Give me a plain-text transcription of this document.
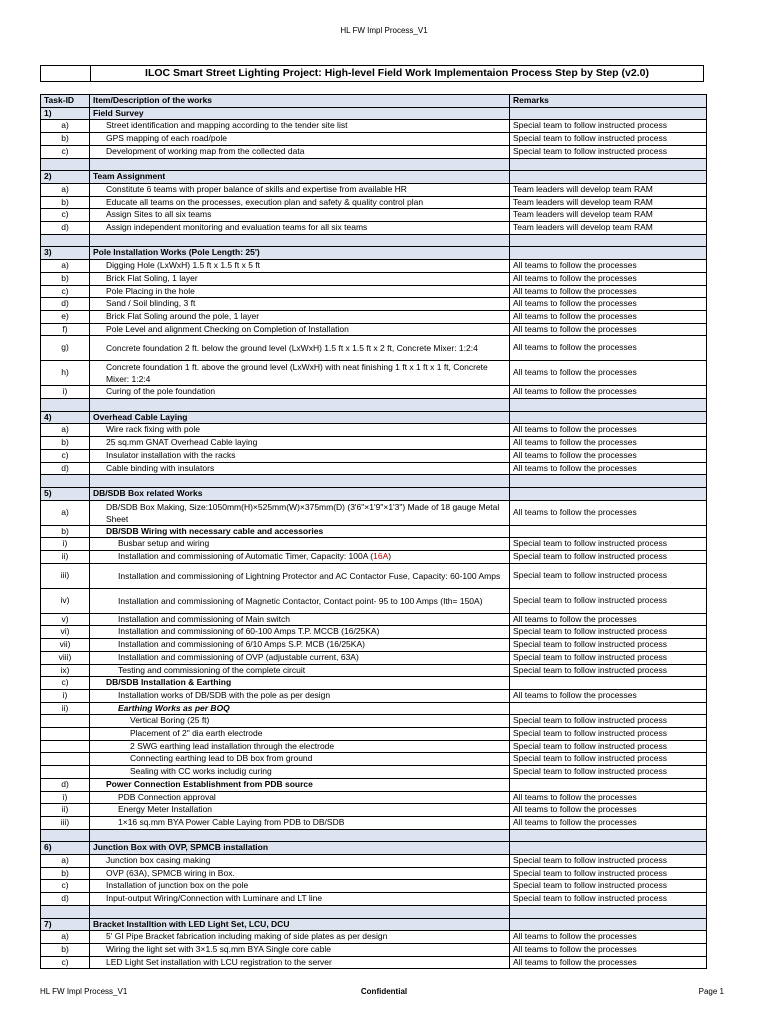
HL FW Impl Process_V1
ILOC Smart Street Lighting Project: High-level Field Work Implementaion Process Step by Step (v2.0)
Task-ID	Item/Description of the works	Remarks
1)	Field Survey	
a)	Street identification and mapping according to the tender site list	Special team to follow instructed process
b)	GPS mapping of each road/pole	Special team to follow instructed process
c)	Development of working map from the collected data	Special team to follow instructed process

2)	Team Assignment	
a)	Constitute 6 teams with proper balance of skills and expertise from available HR	Team leaders will develop team RAM
b)	Educate all teams on the processes, execution plan and safety & quality control plan	Team leaders will develop team RAM
c)	Assign Sites to all six teams	Team leaders will develop team RAM
d)	Assign independent monitoring and evaluation teams for all six teams	Team leaders will develop team RAM

3)	Pole Installation Works (Pole Length: 25')	
a)	Digging Hole (LxWxH) 1.5 ft x 1.5 ft x 5 ft	All teams to follow the processes
b)	Brick Flat Soling, 1 layer	All teams to follow the processes
c)	Pole Placing in the hole	All teams to follow the processes
d)	Sand / Soil blinding, 3 ft	All teams to follow the processes
e)	Brick Flat Soling around the pole, 1 layer	All teams to follow the processes
f)	Pole Level and alignment Checking on Completion of Installation	All teams to follow the processes
g)	Concrete foundation 2 ft. below the ground level (LxWxH) 1.5 ft x 1.5 ft x 2 ft, Concrete Mixer: 1:2:4	All teams to follow the processes
h)	Concrete foundation 1 ft. above the ground level (LxWxH) with neat finishing 1 ft x 1 ft x 1 ft, Concrete Mixer: 1:2:4	All teams to follow the processes
i)	Curing of the pole foundation	All teams to follow the processes

4)	Overhead Cable Laying	
a)	Wire rack fixing with pole	All teams to follow the processes
b)	25 sq.mm GNAT Overhead Cable laying	All teams to follow the processes
c)	Insulator installation with the racks	All teams to follow the processes
d)	Cable binding with insulators	All teams to follow the processes

5)	DB/SDB Box related Works	
a)	DB/SDB Box Making, Size:1050mm(H)×525mm(W)×375mm(D) (3'6"×1'9"×1'3") Made of 18 gauge Metal Sheet	All teams to follow the processes
b)	DB/SDB Wiring with necessary cable and accessories	
i)	Busbar setup and wiring	Special team to follow instructed process
ii)	Installation and commissioning of Automatic Timer, Capacity: 100A (16A)	Special team to follow instructed process
iii)	Installation and commissioning of Lightning Protector and AC Contactor Fuse, Capacity: 60-100 Amps	Special team to follow instructed process
iv)	Installation and commissioning of Magnetic Contactor, Contact point- 95 to 100 Amps (Ith= 150A)	Special team to follow instructed process
v)	Installation and commissioning of Main switch	All teams to follow the processes
vi)	Installation and commissioning of 60-100 Amps T.P. MCCB (16/25KA)	Special team to follow instructed process
vii)	Installation and commissioning of 6/10 Amps S.P. MCB (16/25KA)	Special team to follow instructed process
viii)	Installation and commissioning of OVP (adjustable current, 63A)	Special team to follow instructed process
ix)	Testing and commissioning of the complete circuit	Special team to follow instructed process
c)	DB/SDB Installation & Earthing	
i)	Installation works of DB/SDB with the pole as per design	All teams to follow the processes
ii)	Earthing Works as per BOQ	
	Vertical Boring (25 ft)	Special team to follow instructed process
	Placement of 2" dia earth electrode	Special team to follow instructed process
	2 SWG earthing lead installation through the electrode	Special team to follow instructed process
	Connecting earthing lead to DB box from ground	Special team to follow instructed process
	Sealing with CC works includig curing	Special team to follow instructed process
d)	Power Connection Establishment from PDB source	
i)	PDB Connection approval	All teams to follow the processes
ii)	Energy Meter Installation	All teams to follow the processes
iii)	1×16 sq.mm BYA Power Cable Laying from PDB to DB/SDB	All teams to follow the processes

6)	Junction Box with OVP, SPMCB installation	
a)	Junction box casing making	Special team to follow instructed process
b)	OVP (63A), SPMCB wiring in Box.	Special team to follow instructed process
c)	Installation of junction box on the pole	Special team to follow instructed process
d)	Input-output Wiring/Connection with Luminare and LT line	Special team to follow instructed process

7)	Bracket Installtion with LED Light Set, LCU, DCU	
a)	5' GI Pipe Bracket fabrication including making of side plates as per design	All teams to follow the processes
b)	Wiring the light set with 3×1.5 sq.mm BYA Single core cable	All teams to follow the processes
c)	LED Light Set installation with LCU registration to the server	All teams to follow the processes
HL FW Impl Process_V1	Confidential	Page 1
